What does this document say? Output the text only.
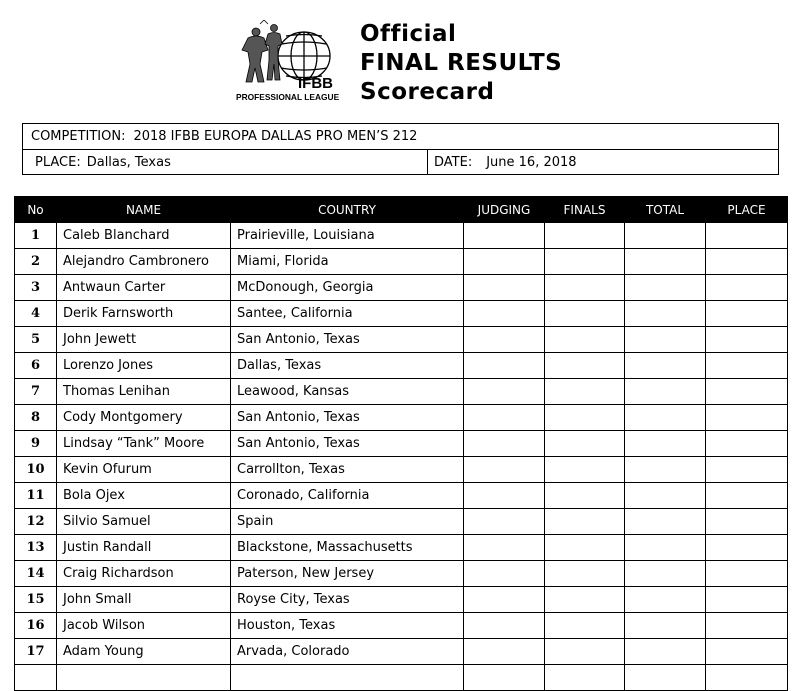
IFBB
PROFESSIONAL LEAGUE
Official
FINAL RESULTS
Scorecard
COMPETITION: 2018 IFBB EUROPA DALLAS PRO MEN’S 212
PLACE: Dallas, Texas	DATE: June 16, 2018
No	NAME	COUNTRY	JUDGING	FINALS	TOTAL	PLACE
1	Caleb Blanchard	Prairieville, Louisiana				
2	Alejandro Cambronero	Miami, Florida				
3	Antwaun Carter	McDonough, Georgia				
4	Derik Farnsworth	Santee, California				
5	John Jewett	San Antonio, Texas				
6	Lorenzo Jones	Dallas, Texas				
7	Thomas Lenihan	Leawood, Kansas				
8	Cody Montgomery	San Antonio, Texas				
9	Lindsay “Tank” Moore	San Antonio, Texas				
10	Kevin Ofurum	Carrollton, Texas				
11	Bola Ojex	Coronado, California				
12	Silvio Samuel	Spain				
13	Justin Randall	Blackstone, Massachusetts				
14	Craig Richardson	Paterson, New Jersey				
15	John Small	Royse City, Texas				
16	Jacob Wilson	Houston, Texas				
17	Adam Young	Arvada, Colorado				
